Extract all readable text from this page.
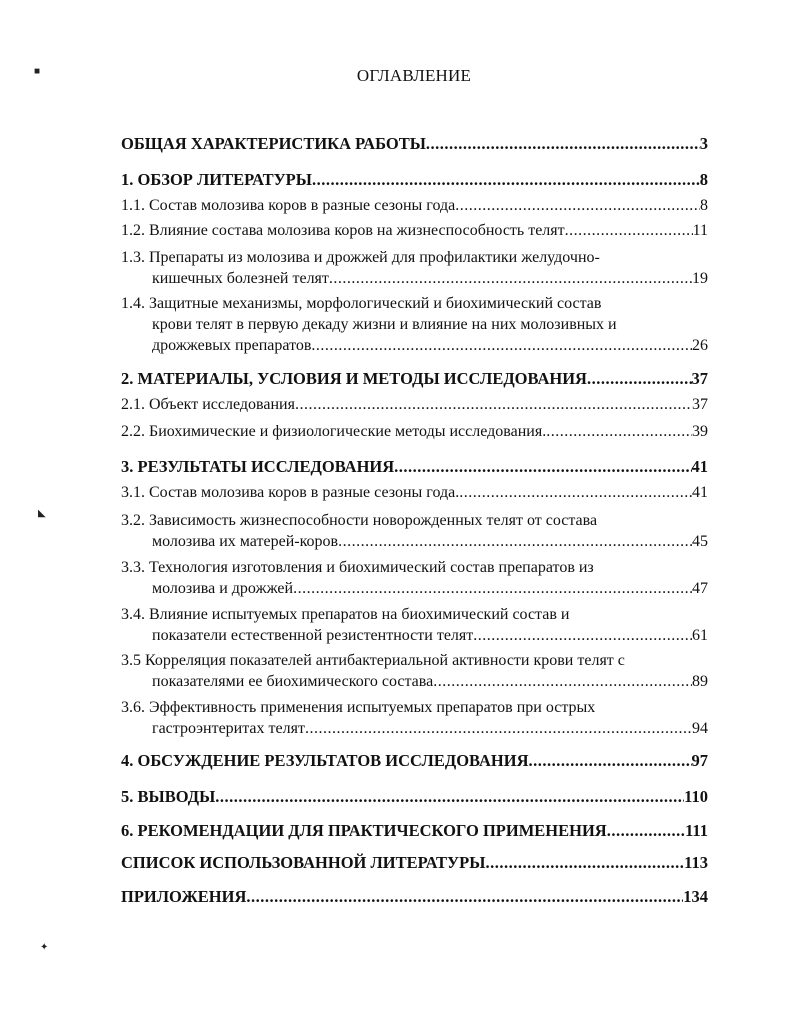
ОГЛАВЛЕНИЕ
ОБЩАЯ ХАРАКТЕРИСТИКА РАБОТЫ .....	3
1. ОБЗОР ЛИТЕРАТУРЫ .....	8
1.1. Состав молозива коров в разные сезоны года .....	8
1.2. Влияние состава молозива коров на жизнеспособность телят .....	11
1.3. Препараты из молозива и дрожжей для профилактики желудочно-
кишечных болезней телят .....	19
1.4. Защитные механизмы, морфологический и биохимический состав
крови телят в первую декаду жизни и влияние на них молозивных и
дрожжевых препаратов .....	26
2. МАТЕРИАЛЫ, УСЛОВИЯ И МЕТОДЫ ИССЛЕДОВАНИЯ .....	37
2.1. Объект исследования .....	37
2.2. Биохимические и физиологические методы исследования. .....	39
3. РЕЗУЛЬТАТЫ ИССЛЕДОВАНИЯ .....	41
3.1. Состав молозива коров в разные сезоны года. .....	41
3.2. Зависимость жизнеспособности новорожденных телят от состава
молозива их матерей-коров .....	45
3.3. Технология изготовления и биохимический состав препаратов из
молозива и дрожжей .....	47
3.4. Влияние испытуемых препаратов на биохимический состав и
показатели естественной резистентности телят .....	61
3.5 Корреляция показателей антибактериальной активности крови телят с
показателями ее биохимического состава .....	89
3.6. Эффективность применения испытуемых препаратов при острых
гастроэнтеритах телят .....	94
4. ОБСУЖДЕНИЕ РЕЗУЛЬТАТОВ ИССЛЕДОВАНИЯ .....	97
5. ВЫВОДЫ .....	110
6. РЕКОМЕНДАЦИИ ДЛЯ ПРАКТИЧЕСКОГО ПРИМЕНЕНИЯ .....	111
СПИСОК ИСПОЛЬЗОВАННОЙ ЛИТЕРАТУРЫ .....	113
ПРИЛОЖЕНИЯ .....	134
■
◣
✦
